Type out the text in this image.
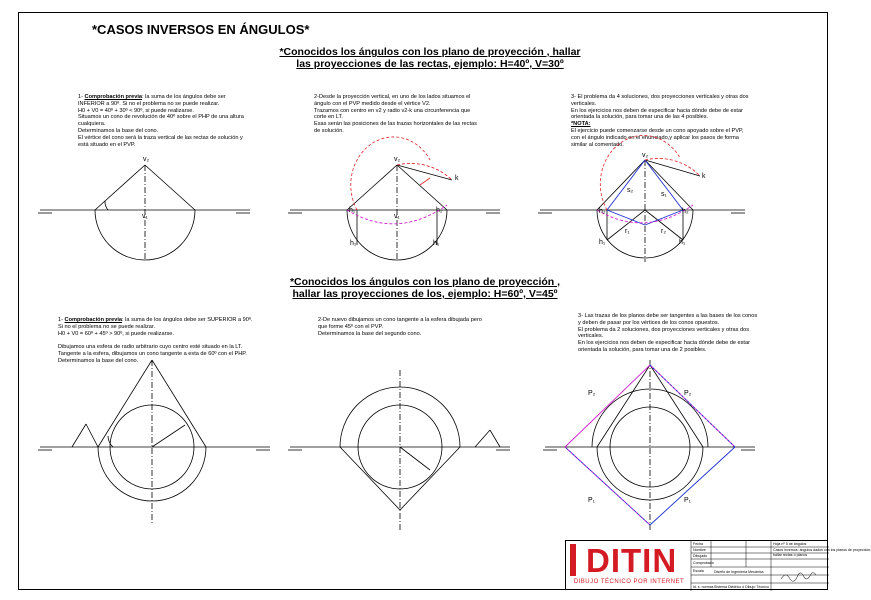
*CASOS INVERSOS EN ÁNGULOS*
*Conocidos los ángulos con los plano de proyección , hallar
las proyecciones de las rectas, ejemplo: H=40º, V=30º
1- Comprobación previa: la suma de los ángulos debe ser
INFERIOR a 90º. Si no el problema no se puede realizar.
H0 + V0 = 40º + 30º < 90º, si puede realizarse.
Situamos un cono de revolución de 40º sobre el PHP de una altura
cualquiera.
Determinamos la base del cono.
El vértice del cono será la traza vertical de las rectas de solución y
está situado en el PVP.
2-Desde la proyección vertical, en uno de los lados situamos el
ángulo con el PVP medido desde el vértice V2.
Trazamos con centro en v2 y radio v2-k una circunferencia que
corte en LT.
Esas serán las posiciones de las trazas horizontales de las rectas
de solución.
3- El problema da 4 soluciones, dos proyecciones verticales y otras dos
verticales.
En los ejercicios nos deben de especificar hacia dónde debe de estar
orientada la solución, para tomar una de las 4 posibles.
*NOTA:
El ejercicio puede comenzarse desde un cono apoyado sobre el PVP,
con el ángulo indicado en el enunciado,y aplicar los pasos de forma
similar al comentado.
*Conocidos los ángulos con los plano de proyección ,
hallar las proyecciones de los, ejemplo: H=60º, V=45º
1- Comprobación previa: la suma de los ángulos debe ser SUPERIOR a 90º.
Si no el problema no se puede realizar.
H0 + V0 = 60º + 45º > 90º, si puede realizarse.

Dibujamos una esfera de radio arbitrario cuyo centro esté situado en la LT.
Tangente a la esfera, dibujamos un cono tangente a esta de 60º con el PHP.
Determinamos la base del cono.
2-De nuevo dibujamos un cono tangente a la esfera dibujada pero
que forme 45º con el PVP.
Determinamos la base del segundo cono.
3- Las trazas de los planos debe ser tangentes a las bases de los conos
y deben de pasar por los vértices de los conos opuestos.
El problema da 2 soluciones, dos proyecciones verticales y otras dos
verticales.
En los ejercicios nos deben de especificar hacia dónde debe de estar
orientada la solución, para tomar una de 2 posibles.
v₂
v₁
v₂
v₁
k
h₂	h₂
h₁	h₁
v₂
k
s₂
s₁
h₂	h₂
r₁	r₂
h₁	h₁
P₂	P₂
P₁	P₁
DITIN
DIBUJO TÉCNICO POR INTERNET
Fecha
Nombre
Dibujado
Comprobado
Escala
id. s. normas
Hoja nº 5 de ángulos
Casos inversos: ángulos dados con los planos de proyección,
hallar rectas o planos
Diseño de Ingeniería Mecánica
Sistema Diédrico ó Dibujo Técnico
